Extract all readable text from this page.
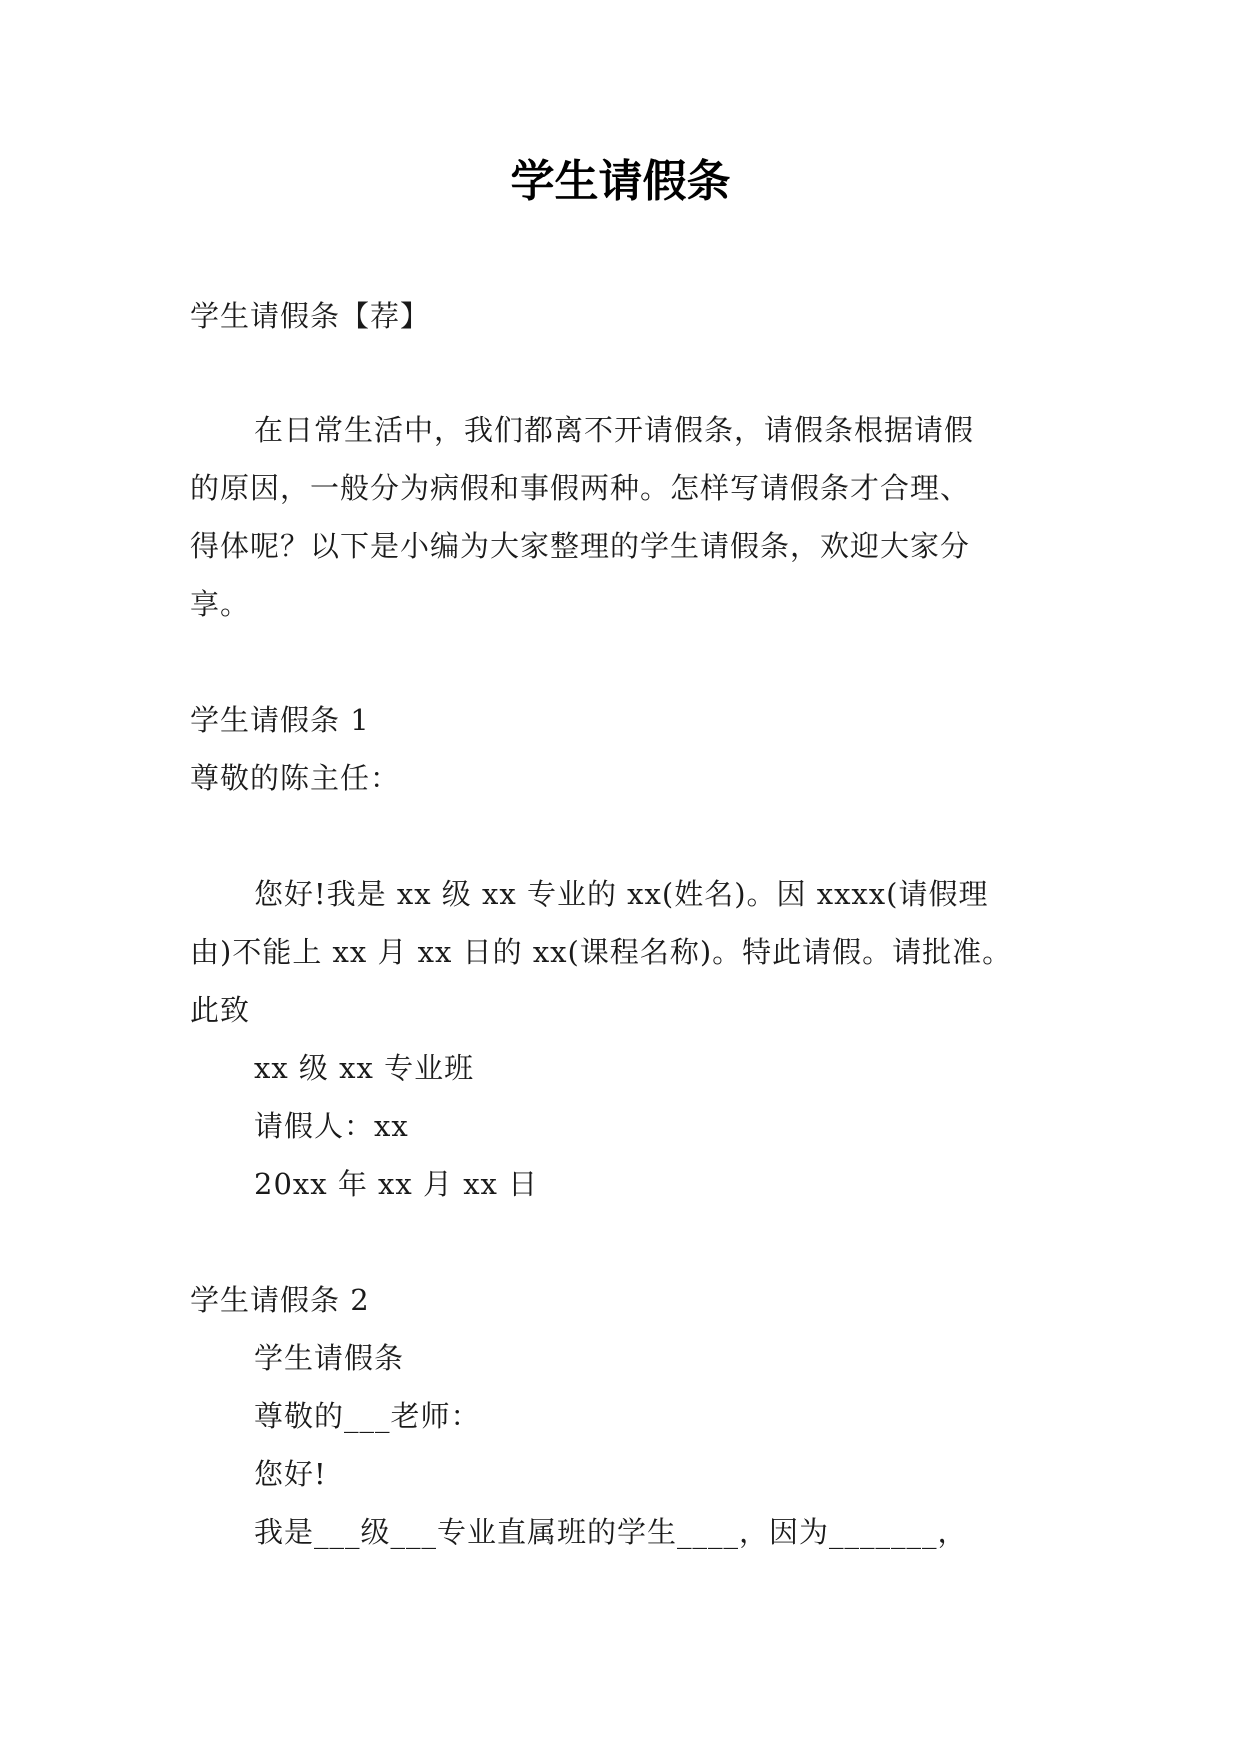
学生请假条
学生请假条【荐】
在日常生活中，我们都离不开请假条，请假条根据请假
的原因，一般分为病假和事假两种。怎样写请假条才合理、
得体呢？以下是小编为大家整理的学生请假条，欢迎大家分
享。
学生请假条 1
尊敬的陈主任：
您好!我是 xx 级 xx 专业的 xx(姓名)。因 xxxx(请假理
由)不能上 xx 月 xx 日的 xx(课程名称)。特此请假。请批准。
此致
xx 级 xx 专业班
请假人：xx
20xx 年 xx 月 xx 日
学生请假条 2
学生请假条
尊敬的___老师：
您好!
我是___级___专业直属班的学生____，因为_______，
